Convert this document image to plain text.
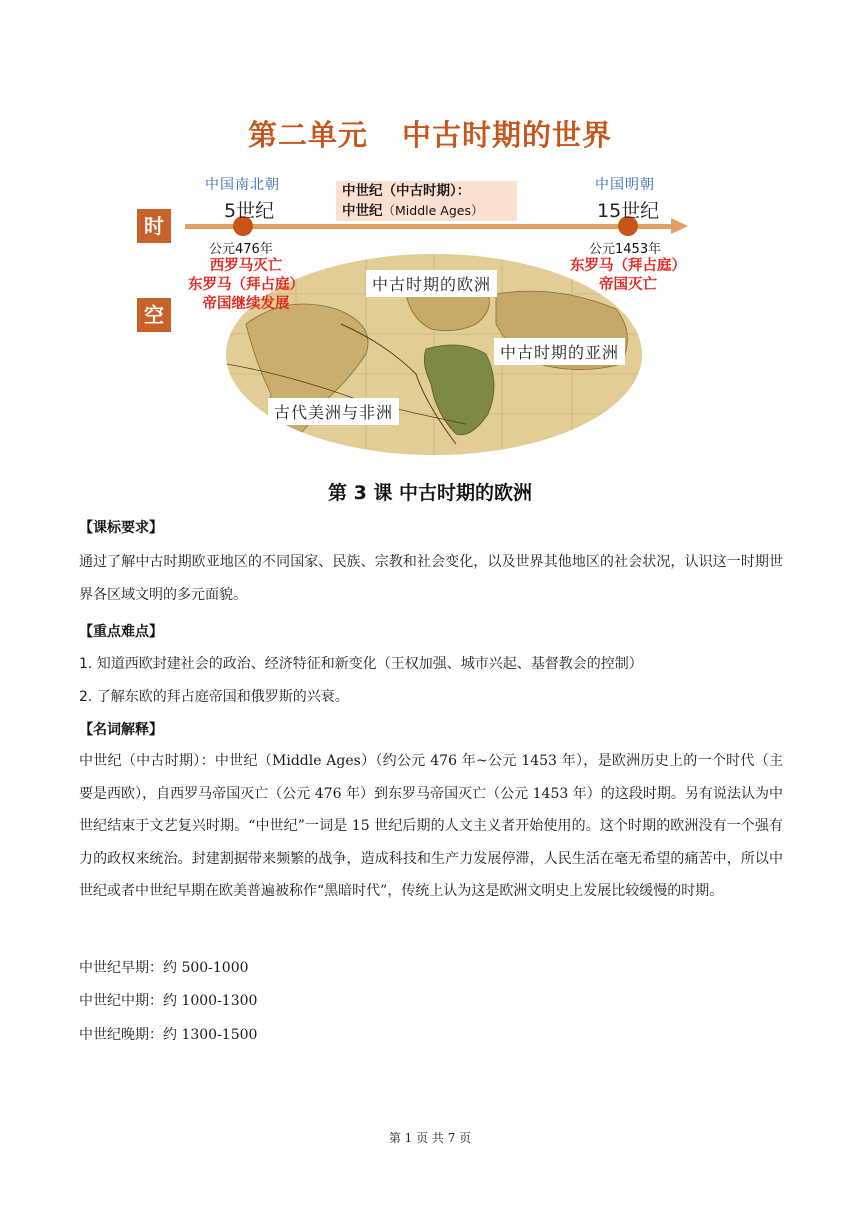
第二单元 中古时期的世界
时
空
中国南北朝
5世纪
中世纪（中古时期）：
中世纪（Middle Ages）
中国明朝
15世纪
中古时期的欧洲
中古时期的亚洲
古代美洲与非洲
公元476年
西罗马灭亡
东罗马（拜占庭）
帝国继续发展
公元1453年
东罗马（拜占庭）
帝国灭亡
第 3 课 中古时期的欧洲
【课标要求】
通过了解中古时期欧亚地区的不同国家、民族、宗教和社会变化，以及世界其他地区的社会状况，认识这一时期世界各区域文明的多元面貌。
【重点难点】
1. 知道西欧封建社会的政治、经济特征和新变化（王权加强、城市兴起、基督教会的控制）
2. 了解东欧的拜占庭帝国和俄罗斯的兴衰。
【名词解释】
中世纪（中古时期）：中世纪（Middle Ages）（约公元 476 年~公元 1453 年），是欧洲历史上的一个时代（主要是西欧），自西罗马帝国灭亡（公元 476 年）到东罗马帝国灭亡（公元 1453 年）的这段时期。另有说法认为中世纪结束于文艺复兴时期。“中世纪”一词是 15 世纪后期的人文主义者开始使用的。这个时期的欧洲没有一个强有力的政权来统治。封建割据带来频繁的战争，造成科技和生产力发展停滞，人民生活在毫无希望的痛苦中，所以中世纪或者中世纪早期在欧美普遍被称作“黑暗时代”，传统上认为这是欧洲文明史上发展比较缓慢的时期。
中世纪早期：约 500-1000
中世纪中期：约 1000-1300
中世纪晚期：约 1300-1500
第 1 页 共 7 页
